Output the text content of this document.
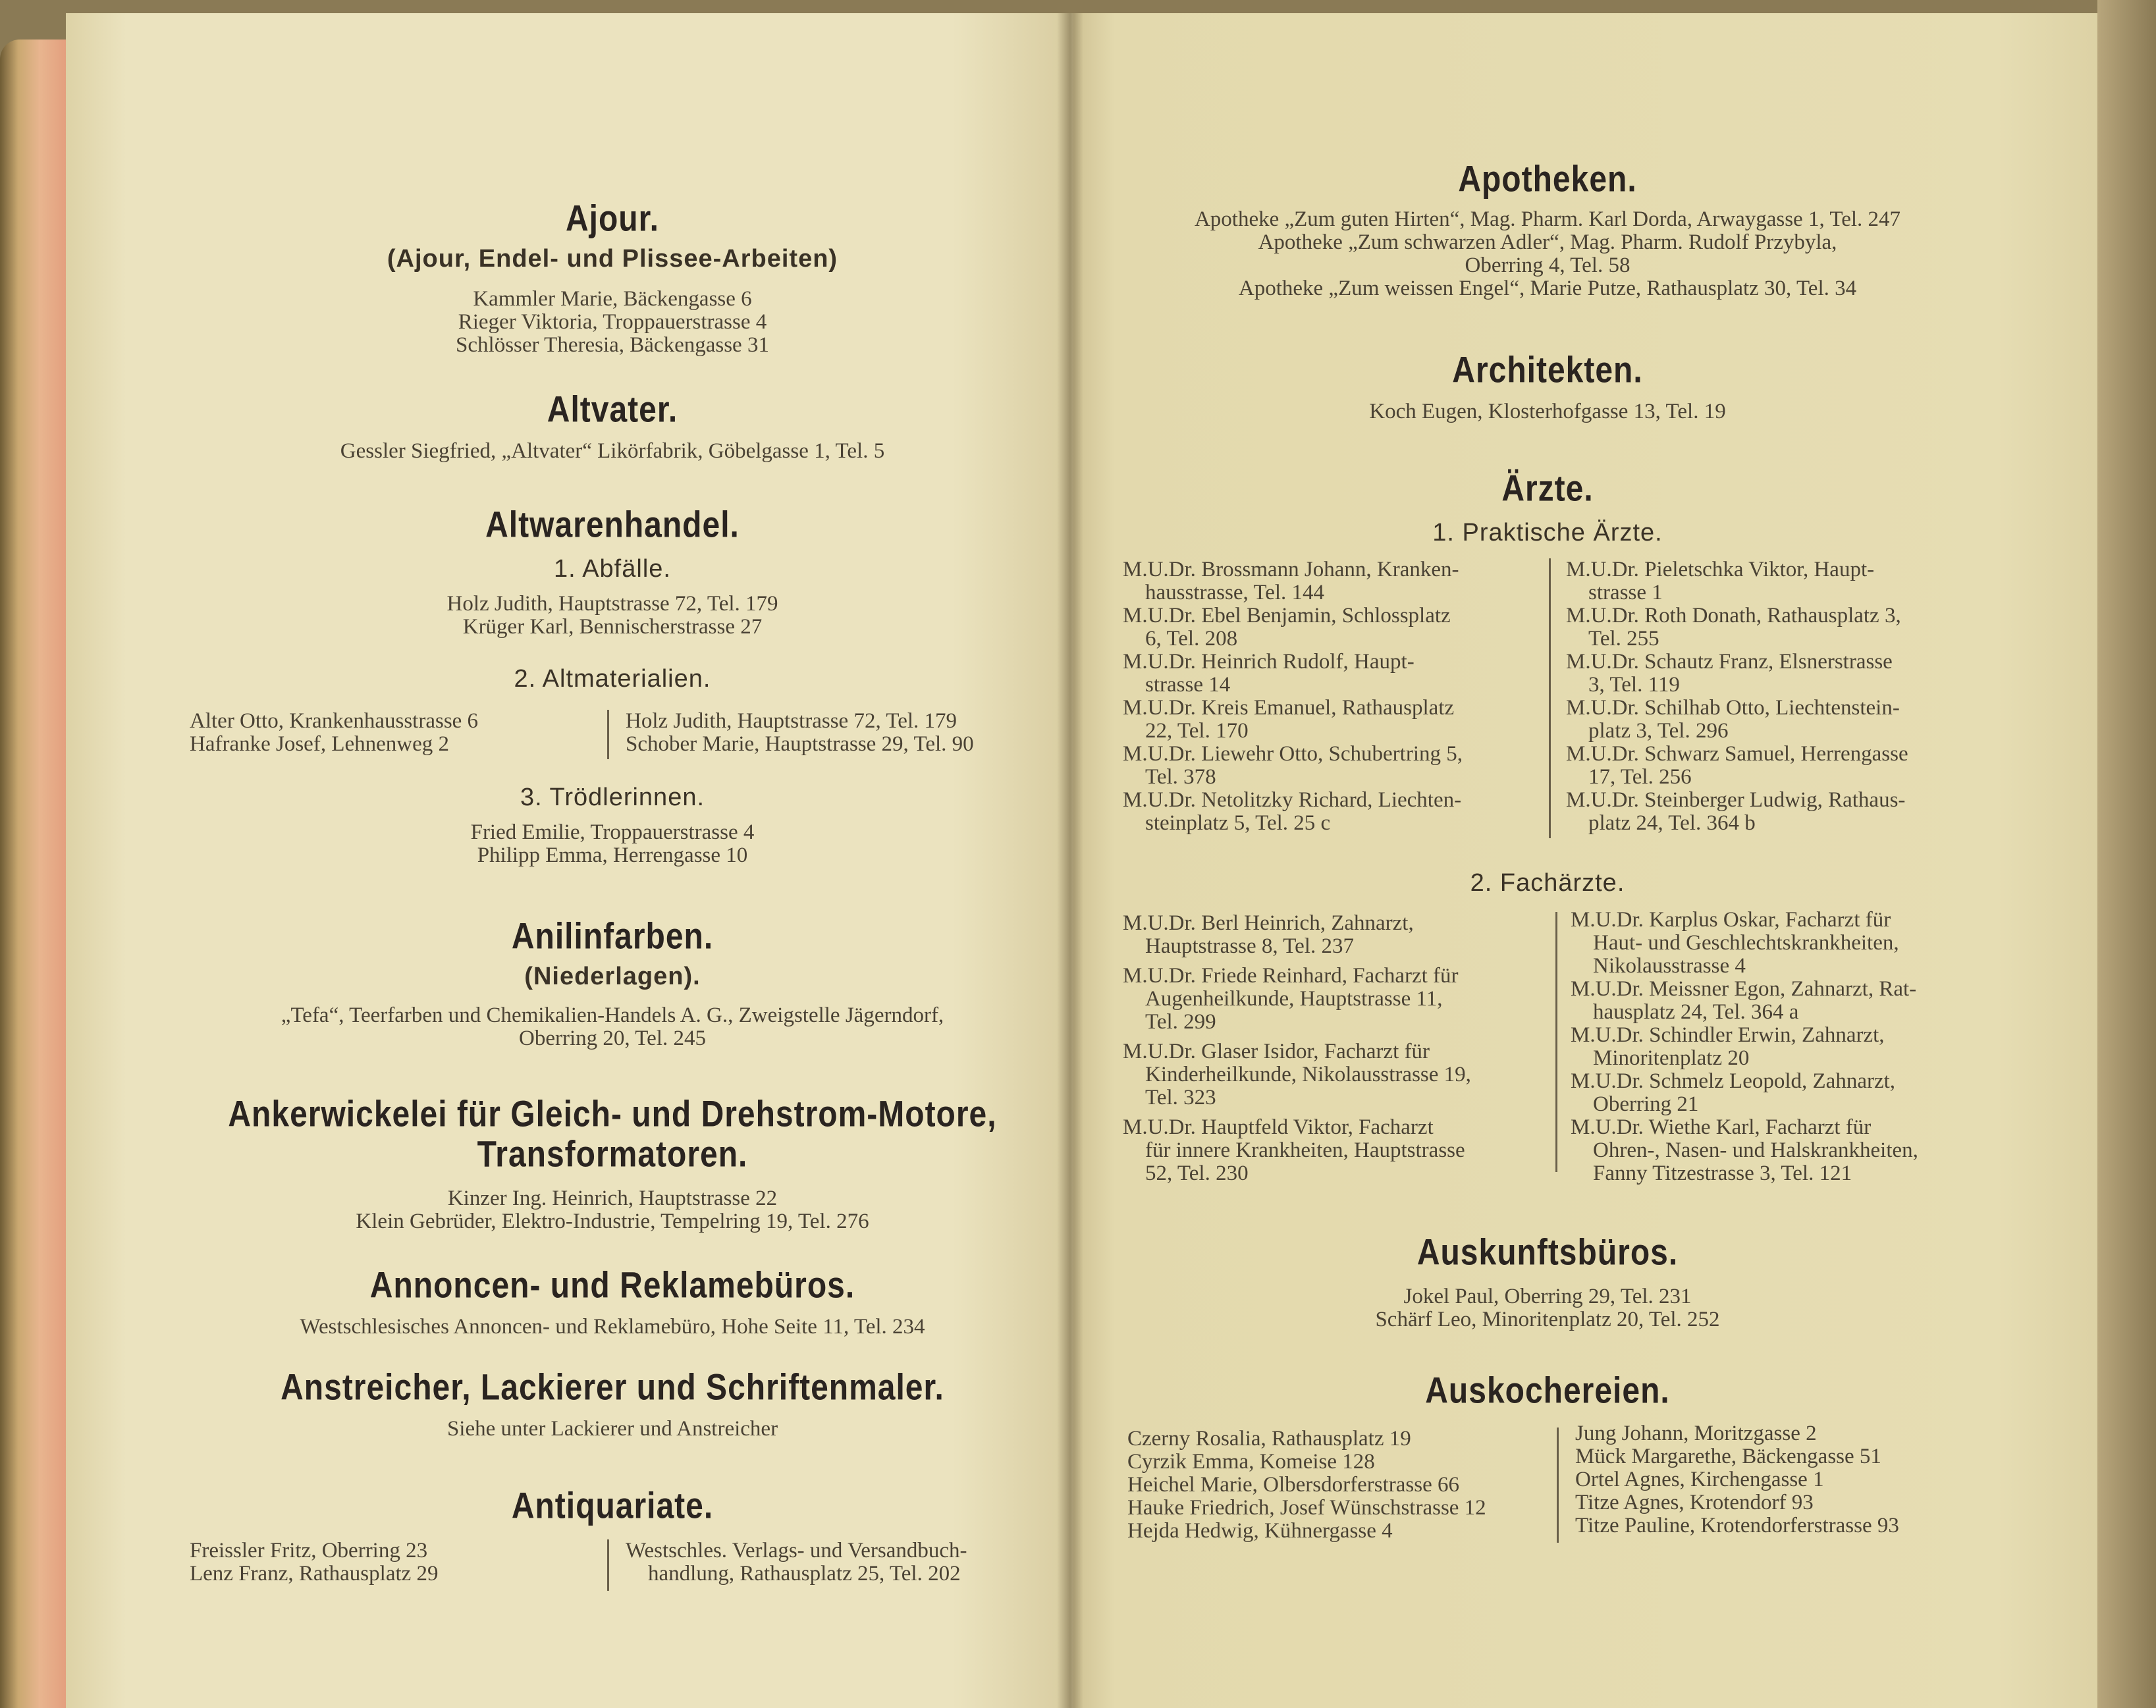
Ajour.
(Ajour, Endel- und Plissee-Arbeiten)
Kammler Marie, Bäckengasse 6
Rieger Viktoria, Troppauerstrasse 4
Schlösser Theresia, Bäckengasse 31
Altvater.
Gessler Siegfried, „Altvater“ Likörfabrik, Göbelgasse 1, Tel. 5
Altwarenhandel.
1. Abfälle.
Holz Judith, Hauptstrasse 72, Tel. 179
Krüger Karl, Bennischerstrasse 27
2. Altmaterialien.
Alter Otto, Krankenhausstrasse 6
Hafranke Josef, Lehnenweg 2
Holz Judith, Hauptstrasse 72, Tel. 179
Schober Marie, Hauptstrasse 29, Tel. 90
3. Trödlerinnen.
Fried Emilie, Troppauerstrasse 4
Philipp Emma, Herrengasse 10
Anilinfarben.
(Niederlagen).
„Tefa“, Teerfarben und Chemikalien-Handels A. G., Zweigstelle Jägerndorf,
Oberring 20, Tel. 245
Ankerwickelei für Gleich- und Drehstrom-Motore,
Transformatoren.
Kinzer Ing. Heinrich, Hauptstrasse 22
Klein Gebrüder, Elektro-Industrie, Tempelring 19, Tel. 276
Annoncen- und Reklamebüros.
Westschlesisches Annoncen- und Reklamebüro, Hohe Seite 11, Tel. 234
Anstreicher, Lackierer und Schriftenmaler.
Siehe unter Lackierer und Anstreicher
Antiquariate.
Freissler Fritz, Oberring 23
Lenz Franz, Rathausplatz 29
Westschles. Verlags- und Versandbuch-
handlung, Rathausplatz 25, Tel. 202
Apotheken.
Apotheke „Zum guten Hirten“, Mag. Pharm. Karl Dorda, Arwaygasse 1, Tel. 247
Apotheke „Zum schwarzen Adler“, Mag. Pharm. Rudolf Przybyla,
Oberring 4, Tel. 58
Apotheke „Zum weissen Engel“, Marie Putze, Rathausplatz 30, Tel. 34
Architekten.
Koch Eugen, Klosterhofgasse 13, Tel. 19
Ärzte.
1. Praktische Ärzte.
M.U.Dr. Brossmann Johann, Kranken-
hausstrasse, Tel. 144
M.U.Dr. Ebel Benjamin, Schlossplatz
6, Tel. 208
M.U.Dr. Heinrich Rudolf, Haupt-
strasse 14
M.U.Dr. Kreis Emanuel, Rathausplatz
22, Tel. 170
M.U.Dr. Liewehr Otto, Schubertring 5,
Tel. 378
M.U.Dr. Netolitzky Richard, Liechten-
steinplatz 5, Tel. 25 c
M.U.Dr. Pieletschka Viktor, Haupt-
strasse 1
M.U.Dr. Roth Donath, Rathausplatz 3,
Tel. 255
M.U.Dr. Schautz Franz, Elsnerstrasse
3, Tel. 119
M.U.Dr. Schilhab Otto, Liechtenstein-
platz 3, Tel. 296
M.U.Dr. Schwarz Samuel, Herrengasse
17, Tel. 256
M.U.Dr. Steinberger Ludwig, Rathaus-
platz 24, Tel. 364 b
2. Fachärzte.
M.U.Dr. Berl Heinrich, Zahnarzt,
Hauptstrasse 8, Tel. 237
M.U.Dr. Friede Reinhard, Facharzt für
Augenheilkunde, Hauptstrasse 11,
Tel. 299
M.U.Dr. Glaser Isidor, Facharzt für
Kinderheilkunde, Nikolausstrasse 19,
Tel. 323
M.U.Dr. Hauptfeld Viktor, Facharzt
für innere Krankheiten, Hauptstrasse
52, Tel. 230
M.U.Dr. Karplus Oskar, Facharzt für
Haut- und Geschlechtskrankheiten,
Nikolausstrasse 4
M.U.Dr. Meissner Egon, Zahnarzt, Rat-
hausplatz 24, Tel. 364 a
M.U.Dr. Schindler Erwin, Zahnarzt,
Minoritenplatz 20
M.U.Dr. Schmelz Leopold, Zahnarzt,
Oberring 21
M.U.Dr. Wiethe Karl, Facharzt für
Ohren-, Nasen- und Halskrankheiten,
Fanny Titzestrasse 3, Tel. 121
Auskunftsbüros.
Jokel Paul, Oberring 29, Tel. 231
Schärf Leo, Minoritenplatz 20, Tel. 252
Auskochereien.
Czerny Rosalia, Rathausplatz 19
Cyrzik Emma, Komeise 128
Heichel Marie, Olbersdorferstrasse 66
Hauke Friedrich, Josef Wünschstrasse 12
Hejda Hedwig, Kühnergasse 4
Jung Johann, Moritzgasse 2
Mück Margarethe, Bäckengasse 51
Ortel Agnes, Kirchengasse 1
Titze Agnes, Krotendorf 93
Titze Pauline, Krotendorferstrasse 93
